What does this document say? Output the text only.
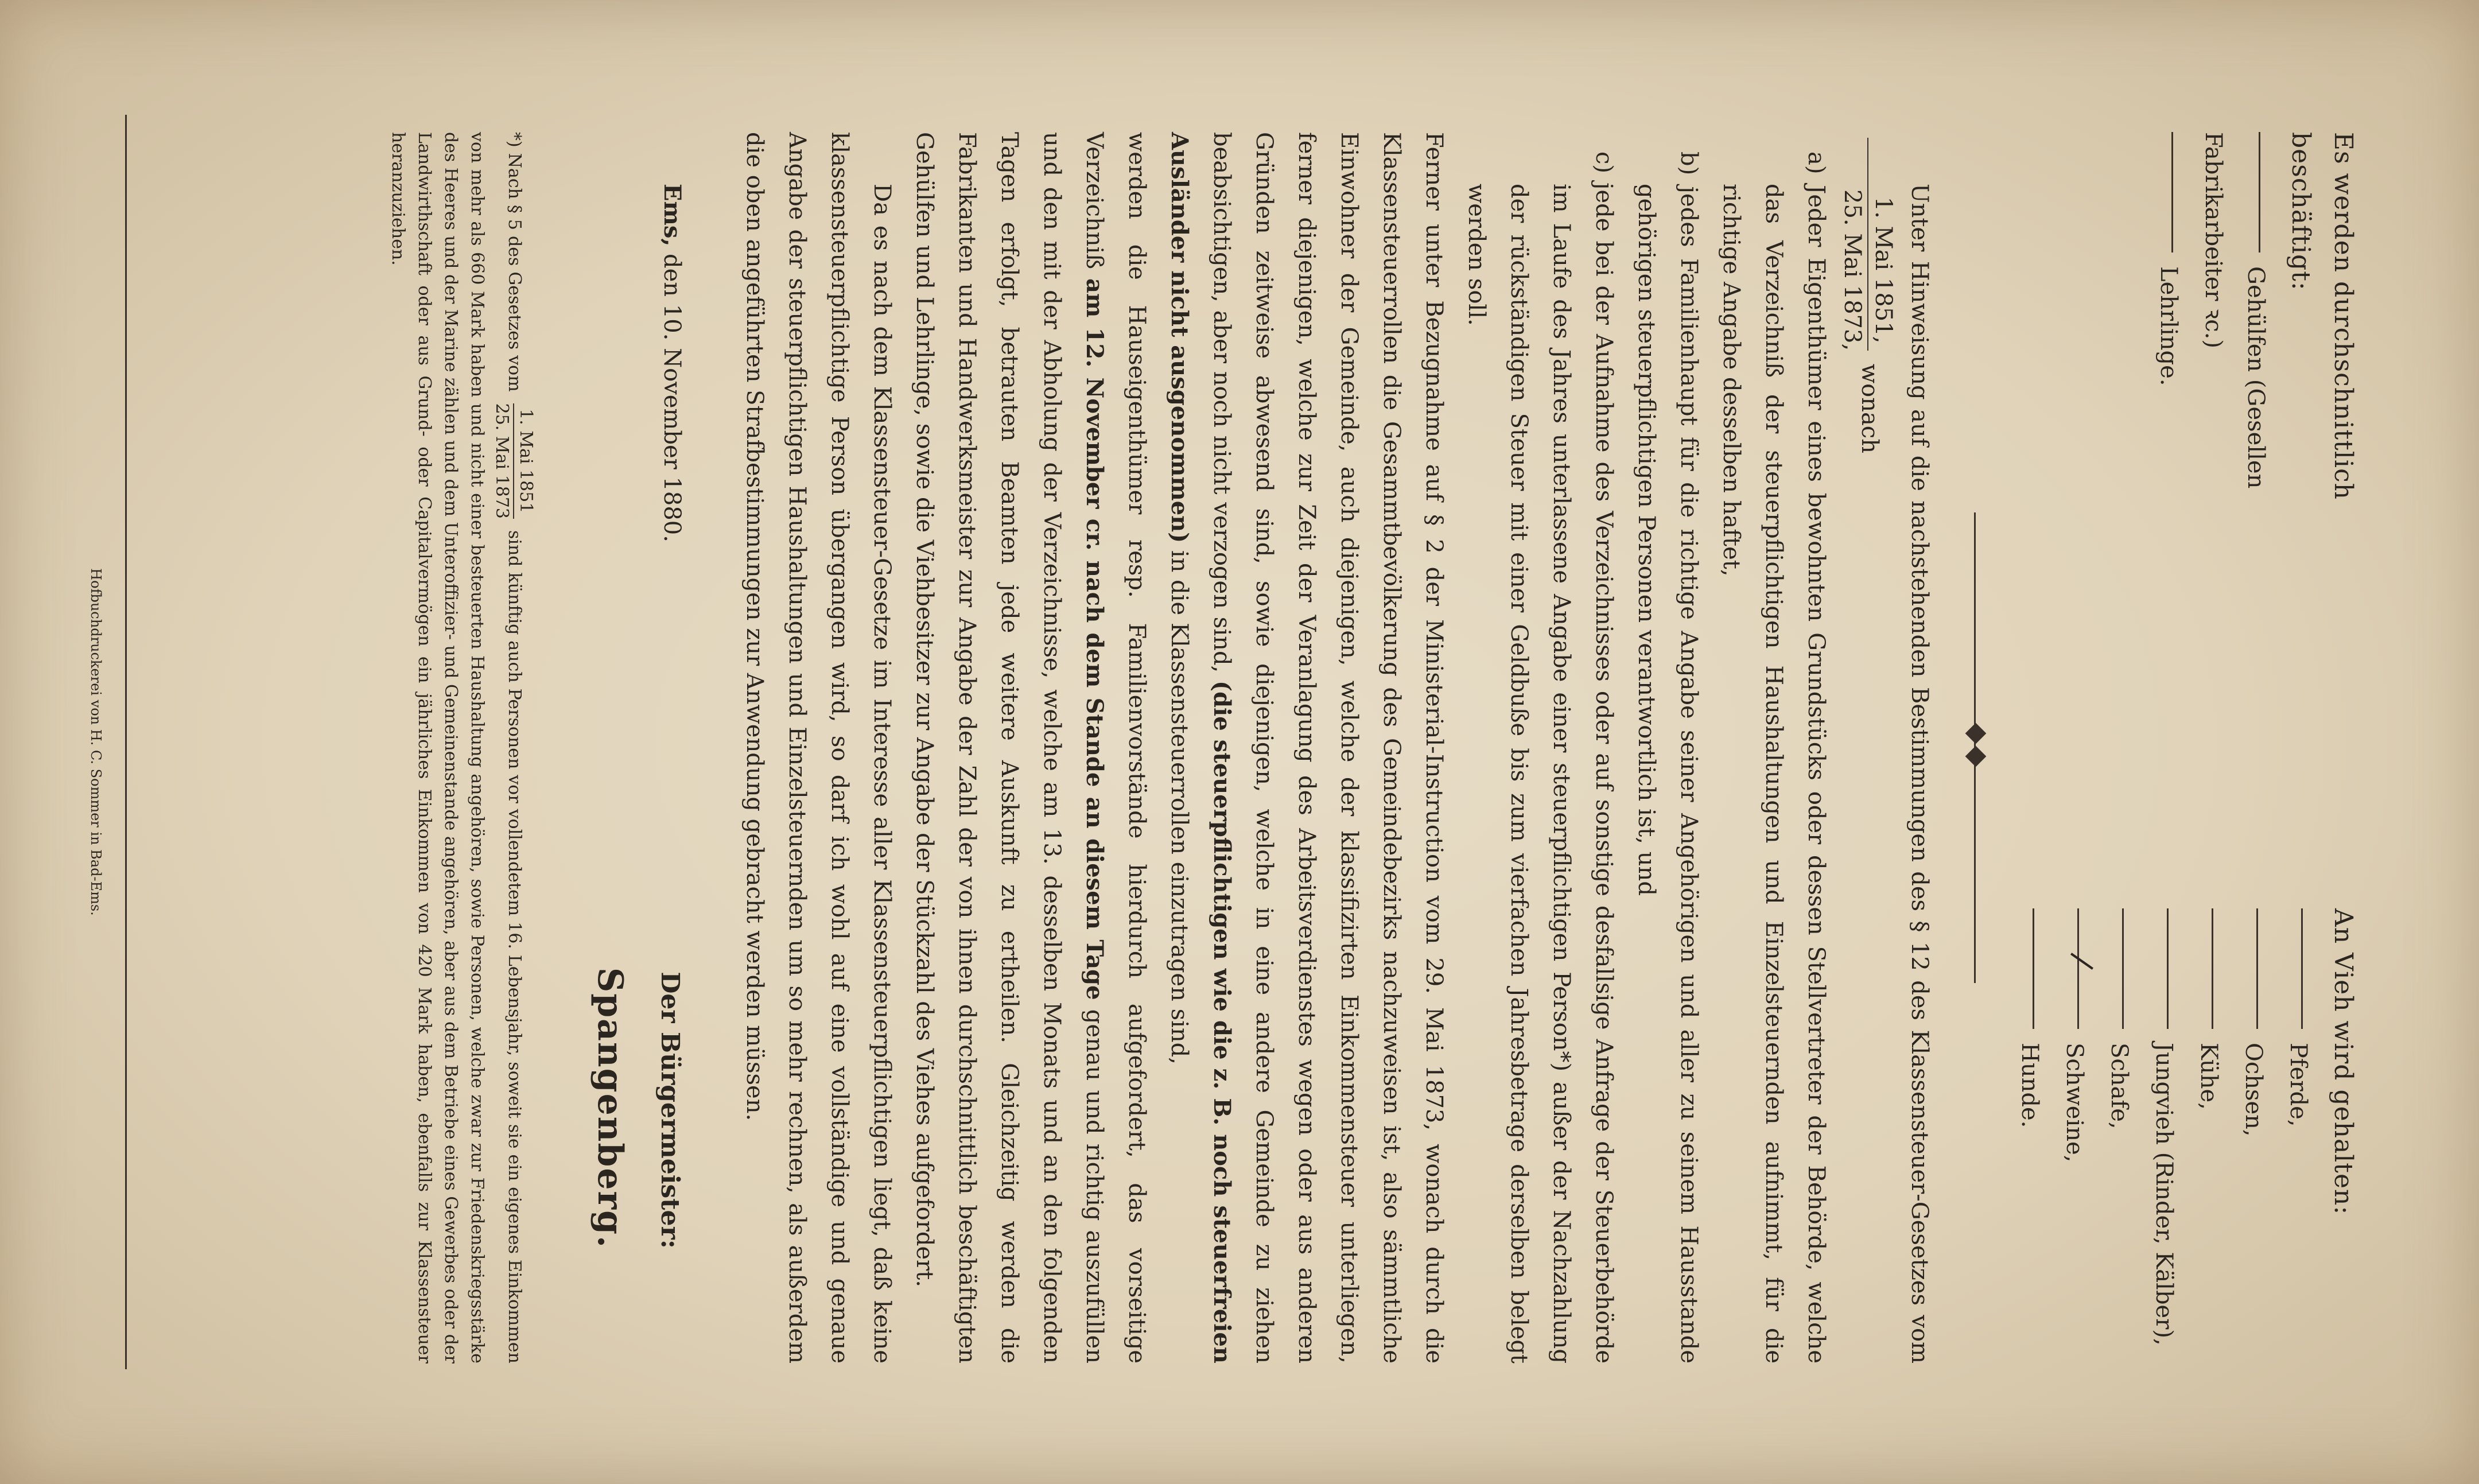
Es werden durchschnittlich beschäftigt:
Gehülfen (Gesellen Fabrikarbeiter ꝛc.)
Lehrlinge.
An Vieh wird gehalten:
Pferde,
Ochsen,
Kühe,
Jungvieh (Rinder, Kälber),
Schafe,
Schweine,
Hunde.

Unter Hinweisung auf die nachstehenden Bestimmungen des § 12 des Klassensteuer-Gesetzes vom
1. Mai 1851,
25. Mai 1873,
wonach

a) Jeder Eigenthümer eines bewohnten Grundstücks oder dessen Stellvertreter der Behörde, welche das Verzeichniß der steuerpflichtigen Haushaltungen und Einzelsteuernden aufnimmt, für die richtige Angabe desselben haftet,

b) jedes Familienhaupt für die richtige Angabe seiner Angehörigen und aller zu seinem Hausstande gehörigen steuerpflichtigen Personen verantwortlich ist, und

c) jede bei der Aufnahme des Verzeichnisses oder auf sonstige desfallsige Anfrage der Steuerbehörde im Laufe des Jahres unterlassene Angabe einer steuerpflichtigen Person*) außer der Nachzahlung der rückständigen Steuer mit einer Geldbuße bis zum vierfachen Jahresbetrage derselben belegt werden soll.

Ferner unter Bezugnahme auf § 2 der Ministerial-Instruction vom 29. Mai 1873, wonach durch die Klassensteuerrollen die Gesammtbevölkerung des Gemeindebezirks nachzuweisen ist, also sämmtliche Einwohner der Gemeinde, auch diejenigen, welche der klassifizirten Einkommensteuer unterliegen, ferner diejenigen, welche zur Zeit der Veranlagung des Arbeitsverdienstes wegen oder aus anderen Gründen zeitweise abwesend sind, sowie diejenigen, welche in eine andere Gemeinde zu ziehen beabsichtigen, aber noch nicht verzogen sind, (die steuerpflichtigen wie die z. B. noch steuerfreien Ausländer nicht ausgenommen) in die Klassensteuerrollen einzutragen sind,

werden die Hauseigenthümer resp. Familienvorstände hierdurch aufgefordert, das vorseitige Verzeichniß am 12. November cr. nach dem Stande an diesem Tage genau und richtig auszufüllen und den mit der Abholung der Verzeichnisse, welche am 13. desselben Monats und an den folgenden Tagen erfolgt, betrauten Beamten jede weitere Auskunft zu ertheilen. Gleichzeitig werden die Fabrikanten und Handwerksmeister zur Angabe der Zahl der von ihnen durchschnittlich beschäftigten Gehülfen und Lehrlinge, sowie die Viehbesitzer zur Angabe der Stückzahl des Viehes aufgefordert.

Da es nach dem Klassensteuer-Gesetze im Interesse aller Klassensteuerpflichtigen liegt, daß keine klassensteuerpflichtige Person übergangen wird, so darf ich wohl auf eine vollständige und genaue Angabe der steuerpflichtigen Haushaltungen und Einzelsteuernden um so mehr rechnen, als außerdem die oben angeführten Strafbestimmungen zur Anwendung gebracht werden müssen.

Ems, den 10. November 1880.
Der Bürgermeister:
Spangenberg.
*) Nach § 5 des Gesetzes vom
1. Mai 1851
25. Mai 1873
sind künftig auch Personen vor vollendetem 16. Lebensjahr, soweit sie ein eigenes Einkommen von mehr als 660 Mark haben und nicht einer besteuerten Haushaltung angehören, sowie Personen, welche zwar zur Friedenskriegsstärke des Heeres und der Marine zählen und dem Unteroffizier- und Gemeinenstande angehören, aber aus dem Betriebe eines Gewerbes oder der Landwirthschaft oder aus Grund- oder Capitalvermögen ein jährliches Einkommen von 420 Mark haben, ebenfalls zur Klassensteuer heranzuziehen.
Hofbuchdruckerei von H. C. Sommer in Bad-Ems.
